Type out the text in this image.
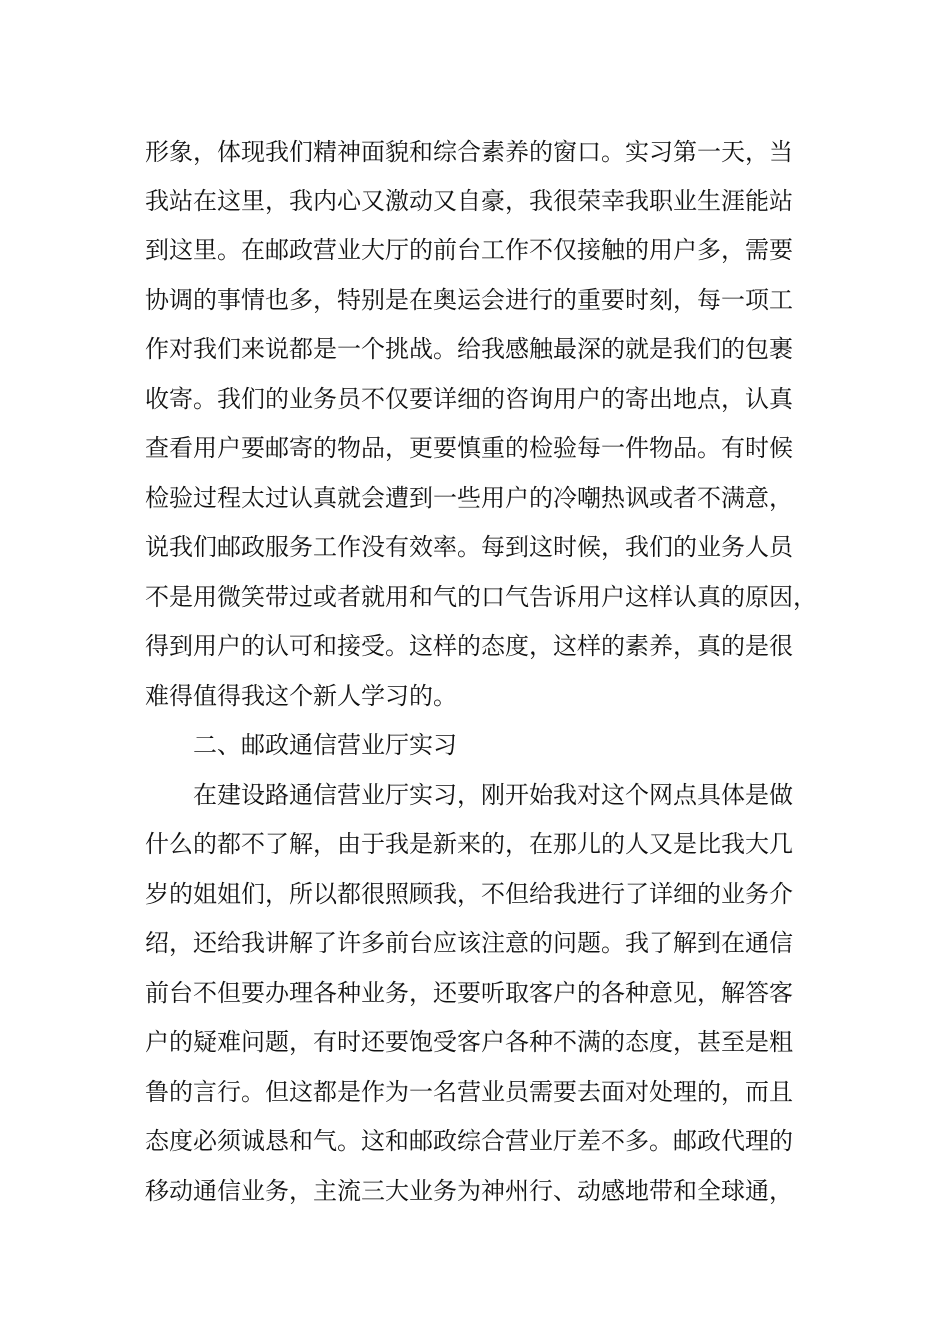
形象，体现我们精神面貌和综合素养的窗口。实习第一天，当
我站在这里，我内心又激动又自豪，我很荣幸我职业生涯能站
到这里。在邮政营业大厅的前台工作不仅接触的用户多，需要
协调的事情也多，特别是在奥运会进行的重要时刻，每一项工
作对我们来说都是一个挑战。给我感触最深的就是我们的包裹
收寄。我们的业务员不仅要详细的咨询用户的寄出地点，认真
查看用户要邮寄的物品，更要慎重的检验每一件物品。有时候
检验过程太过认真就会遭到一些用户的冷嘲热讽或者不满意，
说我们邮政服务工作没有效率。每到这时候，我们的业务人员
不是用微笑带过或者就用和气的口气告诉用户这样认真的原因，
得到用户的认可和接受。这样的态度，这样的素养，真的是很
难得值得我这个新人学习的。
二、邮政通信营业厅实习
在建设路通信营业厅实习，刚开始我对这个网点具体是做
什么的都不了解，由于我是新来的，在那儿的人又是比我大几
岁的姐姐们，所以都很照顾我，不但给我进行了详细的业务介
绍，还给我讲解了许多前台应该注意的问题。我了解到在通信
前台不但要办理各种业务，还要听取客户的各种意见，解答客
户的疑难问题，有时还要饱受客户各种不满的态度，甚至是粗
鲁的言行。但这都是作为一名营业员需要去面对处理的，而且
态度必须诚恳和气。这和邮政综合营业厅差不多。邮政代理的
移动通信业务，主流三大业务为神州行、动感地带和全球通，
